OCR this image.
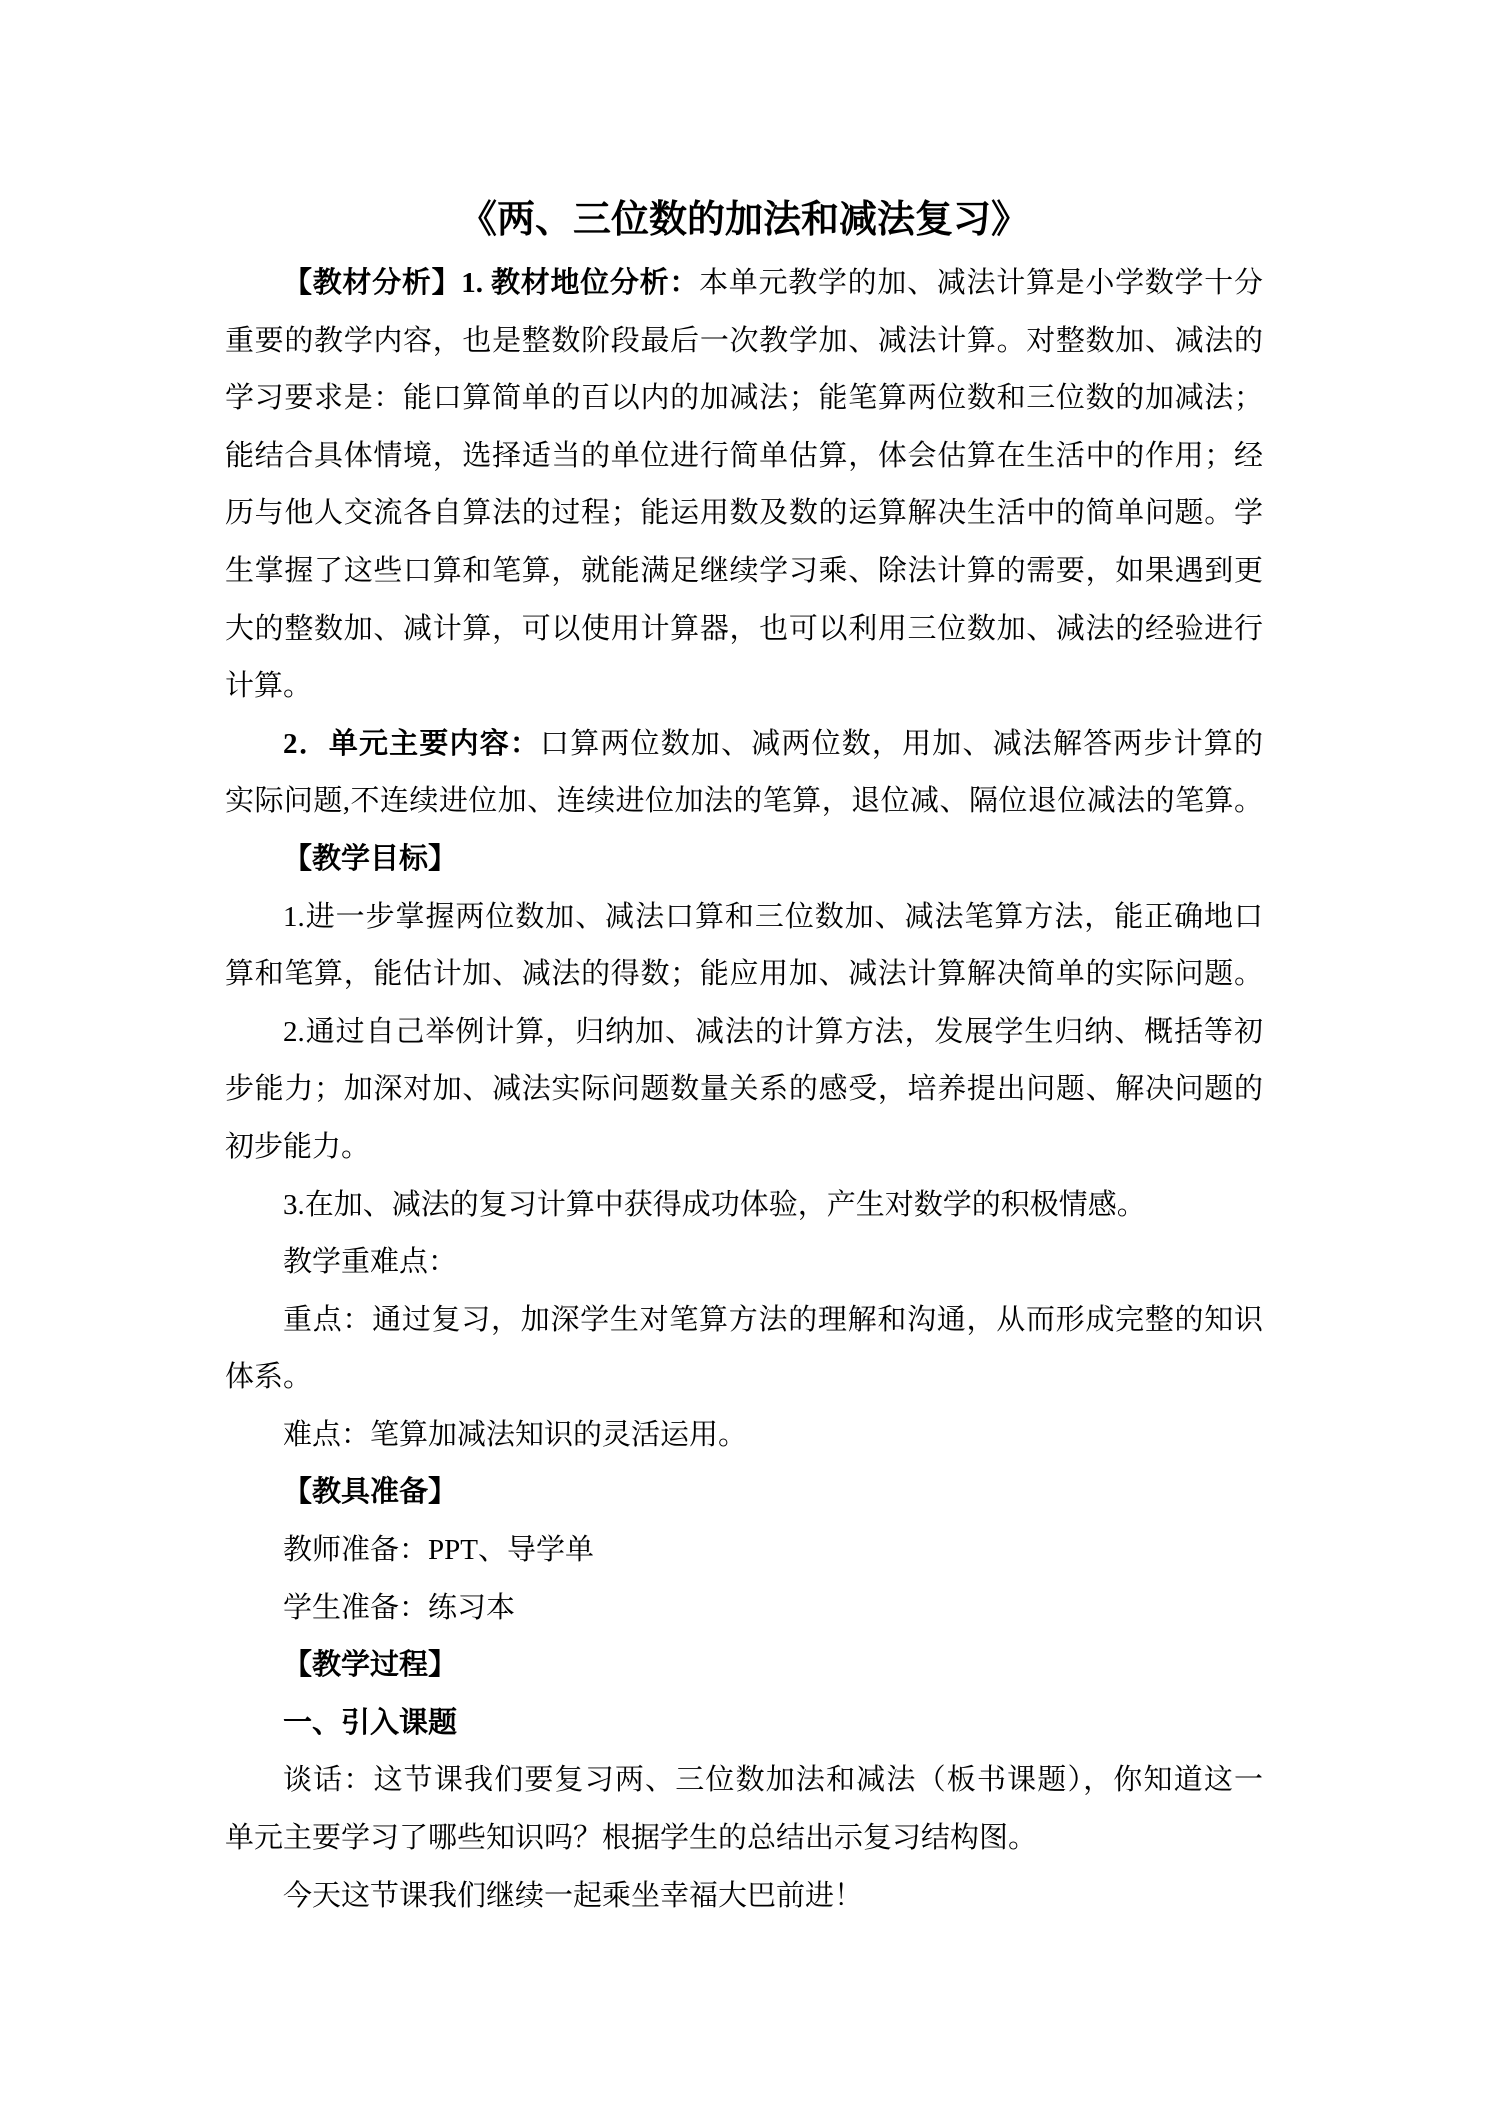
《两、三位数的加法和减法复习》
【教材分析】1. 教材地位分析：本单元教学的加、减法计算是小学数学十分
重要的教学内容，也是整数阶段最后一次教学加、减法计算。对整数加、减法的
学习要求是：能口算简单的百以内的加减法；能笔算两位数和三位数的加减法；
能结合具体情境，选择适当的单位进行简单估算，体会估算在生活中的作用；经
历与他人交流各自算法的过程；能运用数及数的运算解决生活中的简单问题。学
生掌握了这些口算和笔算，就能满足继续学习乘、除法计算的需要，如果遇到更
大的整数加、减计算，可以使用计算器，也可以利用三位数加、减法的经验进行
计算。
2．单元主要内容：口算两位数加、减两位数，用加、减法解答两步计算的
实际问题,不连续进位加、连续进位加法的笔算，退位减、隔位退位减法的笔算。
【教学目标】
1.进一步掌握两位数加、减法口算和三位数加、减法笔算方法，能正确地口
算和笔算，能估计加、减法的得数；能应用加、减法计算解决简单的实际问题。
2.通过自己举例计算，归纳加、减法的计算方法，发展学生归纳、概括等初
步能力；加深对加、减法实际问题数量关系的感受，培养提出问题、解决问题的
初步能力。
3.在加、减法的复习计算中获得成功体验，产生对数学的积极情感。
教学重难点：
重点：通过复习，加深学生对笔算方法的理解和沟通，从而形成完整的知识
体系。
难点：笔算加减法知识的灵活运用。
【教具准备】
教师准备：PPT、导学单
学生准备：练习本
【教学过程】
一、引入课题
谈话：这节课我们要复习两、三位数加法和减法（板书课题），你知道这一
单元主要学习了哪些知识吗？根据学生的总结出示复习结构图。
今天这节课我们继续一起乘坐幸福大巴前进！
